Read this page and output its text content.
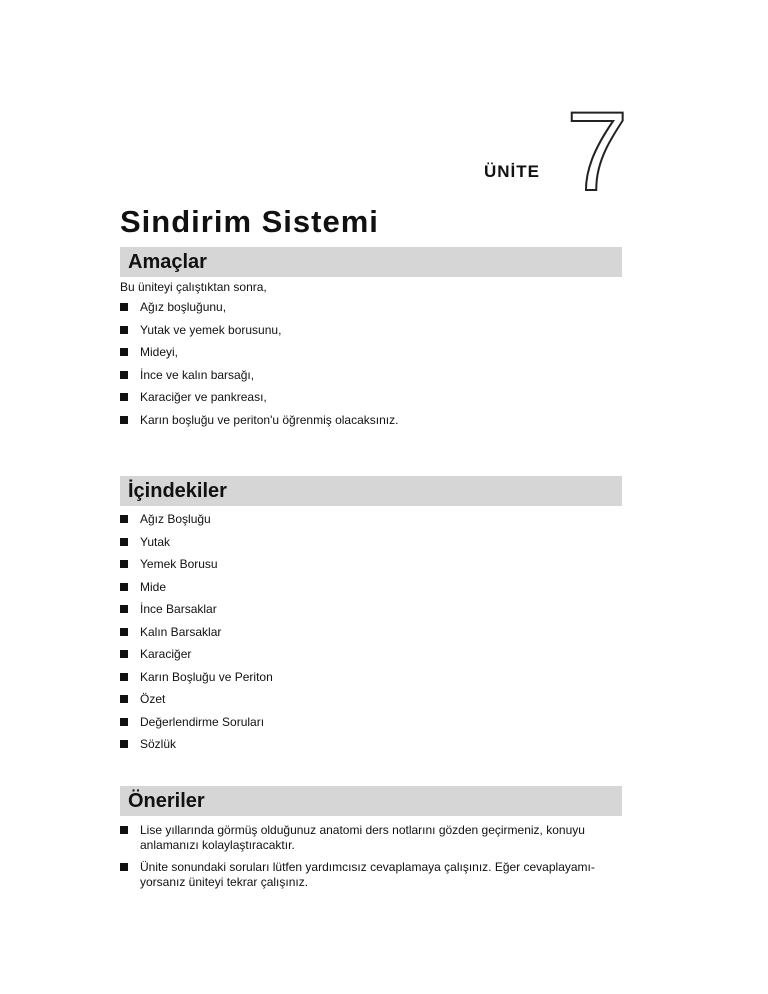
ÜNİTE 7
Sindirim Sistemi
Amaçlar
Bu üniteyi çalıştıktan sonra,
Ağız boşluğunu,
Yutak ve yemek borusunu,
Mideyi,
İnce ve kalın barsağı,
Karaciğer ve pankreası,
Karın boşluğu ve periton'u öğrenmiş olacaksınız.
İçindekiler
Ağız Boşluğu
Yutak
Yemek Borusu
Mide
İnce Barsaklar
Kalın Barsaklar
Karaciğer
Karın Boşluğu ve Periton
Özet
Değerlendirme Soruları
Sözlük
Öneriler
Lise yıllarında görmüş olduğunuz anatomi ders notlarını gözden geçirmeniz, konuyu anlamanızı kolaylaştıracaktır.
Ünite sonundaki soruları lütfen yardımcısız cevaplamaya çalışınız. Eğer cevaplayamı-yorsanız üniteyi tekrar çalışınız.
